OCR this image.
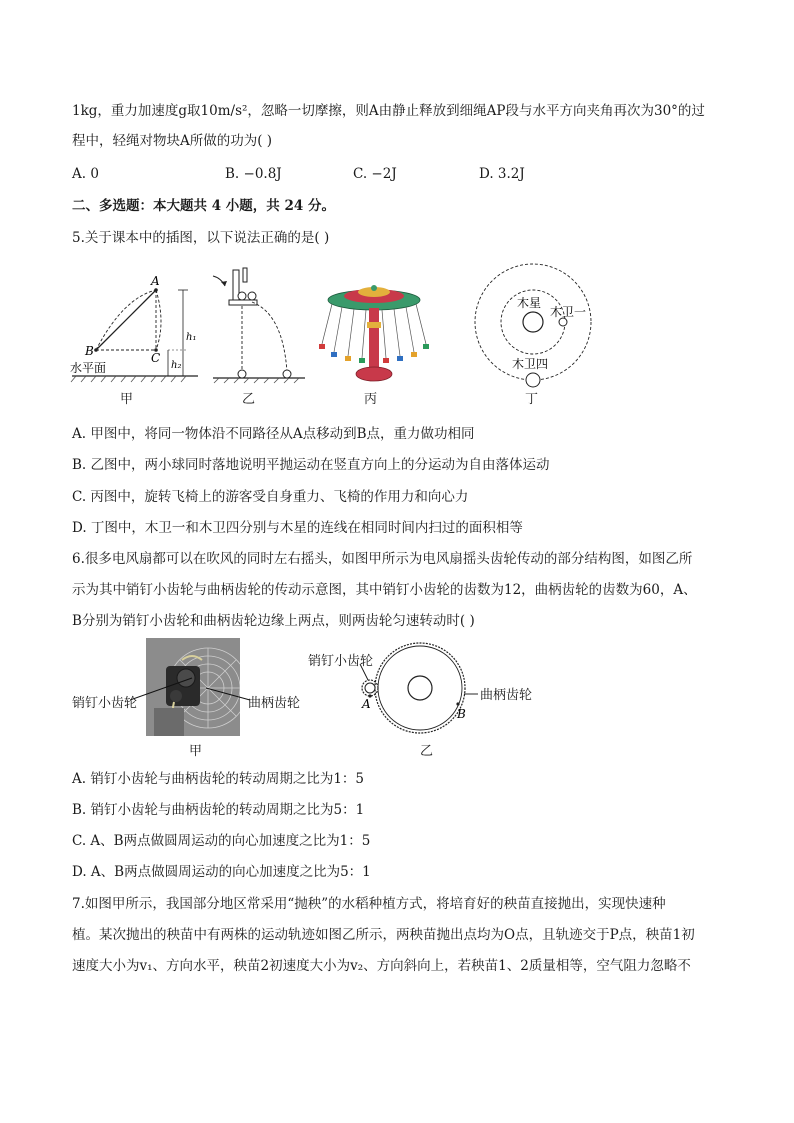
1kg，重力加速度g取10m/s²，忽略一切摩擦，则A由静止释放到细绳AP段与水平方向夹角再次为30°的过
程中，轻绳对物块A所做的功为( )
A. 0	B. −0.8J	C. −2J	D. 3.2J
二、多选题：本大题共 4 小题，共 24 分。
5.关于课本中的插图，以下说法正确的是( )
A
B	C
h₁
h₂
水平面
甲	乙	丙
木星
木卫一
木卫四
丁
A. 甲图中，将同一物体沿不同路径从A点移动到B点，重力做功相同
B. 乙图中，两小球同时落地说明平抛运动在竖直方向上的分运动为自由落体运动
C. 丙图中，旋转飞椅上的游客受自身重力、飞椅的作用力和向心力
D. 丁图中，木卫一和木卫四分别与木星的连线在相同时间内扫过的面积相等
6.很多电风扇都可以在吹风的同时左右摇头，如图甲所示为电风扇摇头齿轮传动的部分结构图，如图乙所
示为其中销钉小齿轮与曲柄齿轮的传动示意图，其中销钉小齿轮的齿数为12，曲柄齿轮的齿数为60，A、
B分别为销钉小齿轮和曲柄齿轮边缘上两点，则两齿轮匀速转动时( )
销钉小齿轮	曲柄齿轮
甲
A
B
销钉小齿轮
曲柄齿轮
乙
A. 销钉小齿轮与曲柄齿轮的转动周期之比为1：5
B. 销钉小齿轮与曲柄齿轮的转动周期之比为5：1
C. A、B两点做圆周运动的向心加速度之比为1：5
D. A、B两点做圆周运动的向心加速度之比为5：1
7.如图甲所示，我国部分地区常采用“抛秧”的水稻种植方式，将培育好的秧苗直接抛出，实现快速种
植。某次抛出的秧苗中有两株的运动轨迹如图乙所示，两秧苗抛出点均为O点，且轨迹交于P点，秧苗1初
速度大小为v₁、方向水平，秧苗2初速度大小为v₂、方向斜向上，若秧苗1、2质量相等，空气阻力忽略不
